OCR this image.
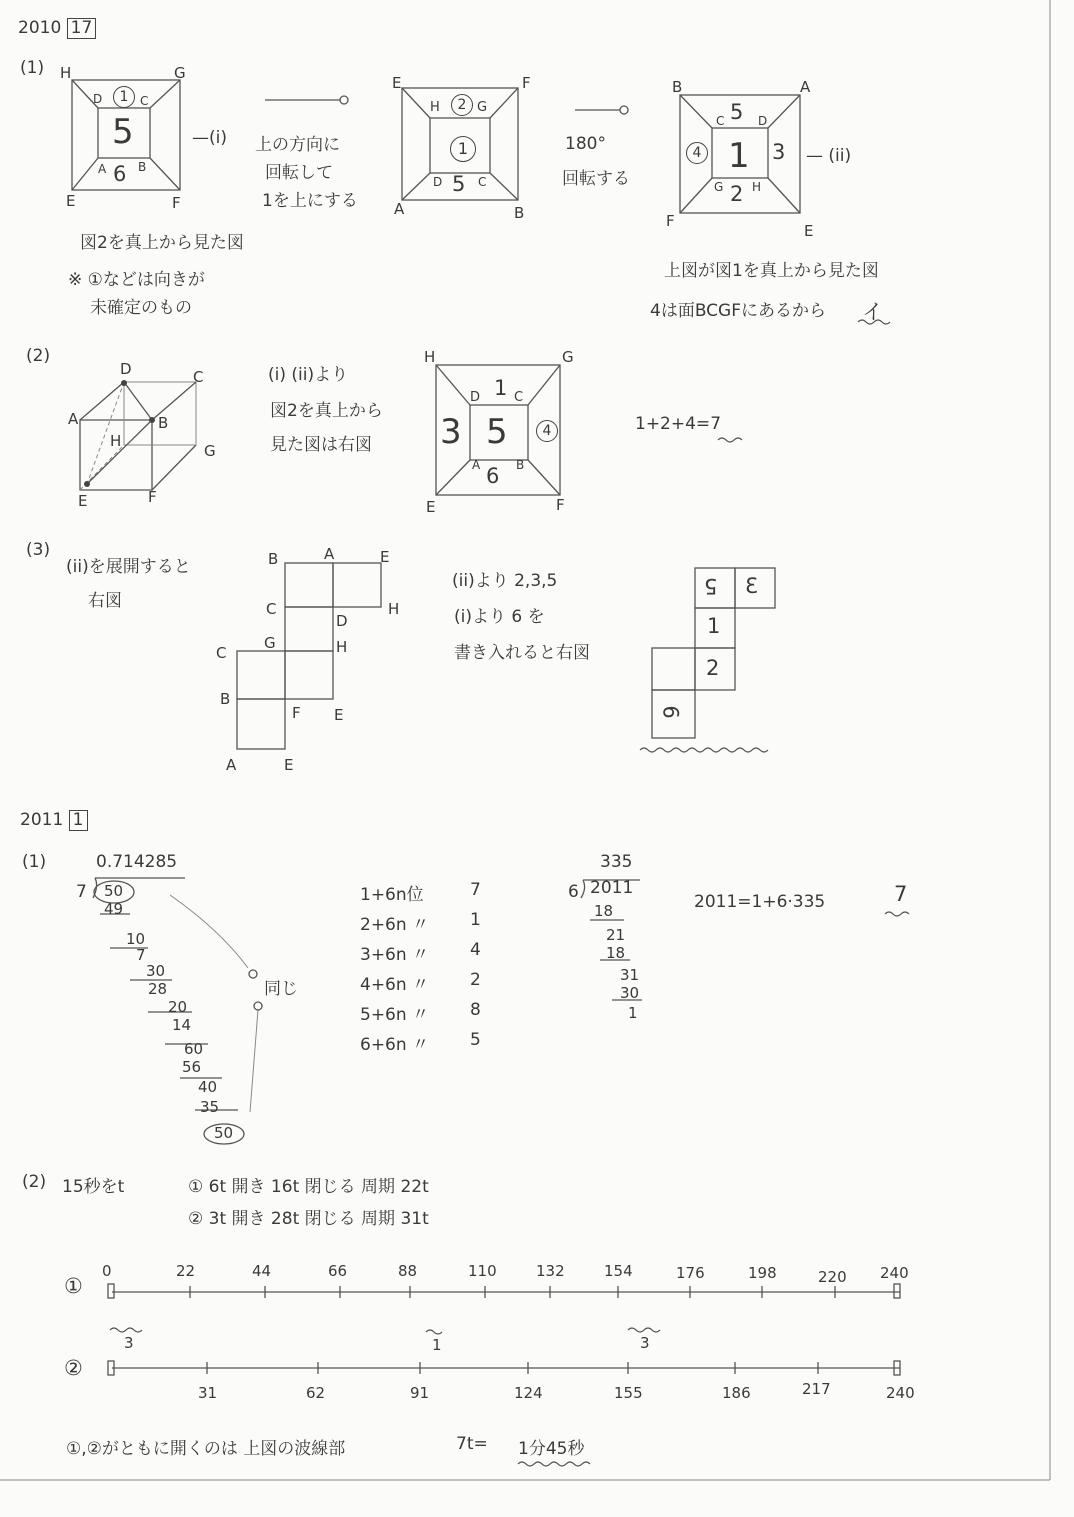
2010 17
(1) H	G
E	F
D	C
A	B
1
5
6
—(i)
図2を真上から見た図
※ ①などは向きが
未確定のもの
上の方向に
回転して
1を上にする
E	F
A	B
H	G
D	C
2
1
5
180°
回転する
B	A
F
E
C	D
G H
5
1
2
4	3 — (ii)
上図が図1を真上から見た図
4は面BCGFにあるから イ
(2)
D	C
A	B
H
G
E	F
(i) (ii)より
図2を真上から
見た図は右図
H	G
E	F
D	C
A	B
1
5
6
3	4	1+2+4=7
(3)
(ii)を展開すると
右図
B	A	E
C	H
D
G	H
C
B
F E
A	E
(ii)より 2,3,5
(i)より 6 を
書き入れると右図
5 3
1
2
6
2011 1
(1)	0.714285
7 50
49
10
7
30
28
20
14
60
56
40
35
50
同じ
1+6n位	7
2+6n 〃 1
3+6n 〃 4
4+6n 〃 2
5+6n 〃 8
6+6n 〃 5
335
6 2011
18
21
18
31
30
1
2011=1+6·335	7
(2) 15秒をt	① 6t 開き 16t 閉じる 周期 22t
② 3t 開き 28t 閉じる 周期 31t
①
0	22	44	66	88	110	132	154	176	198	220 240
3	1	3
②
31	62	91	124	155	186	217	240
①,②がともに開くのは 上図の波線部	7t= 1分45秒
